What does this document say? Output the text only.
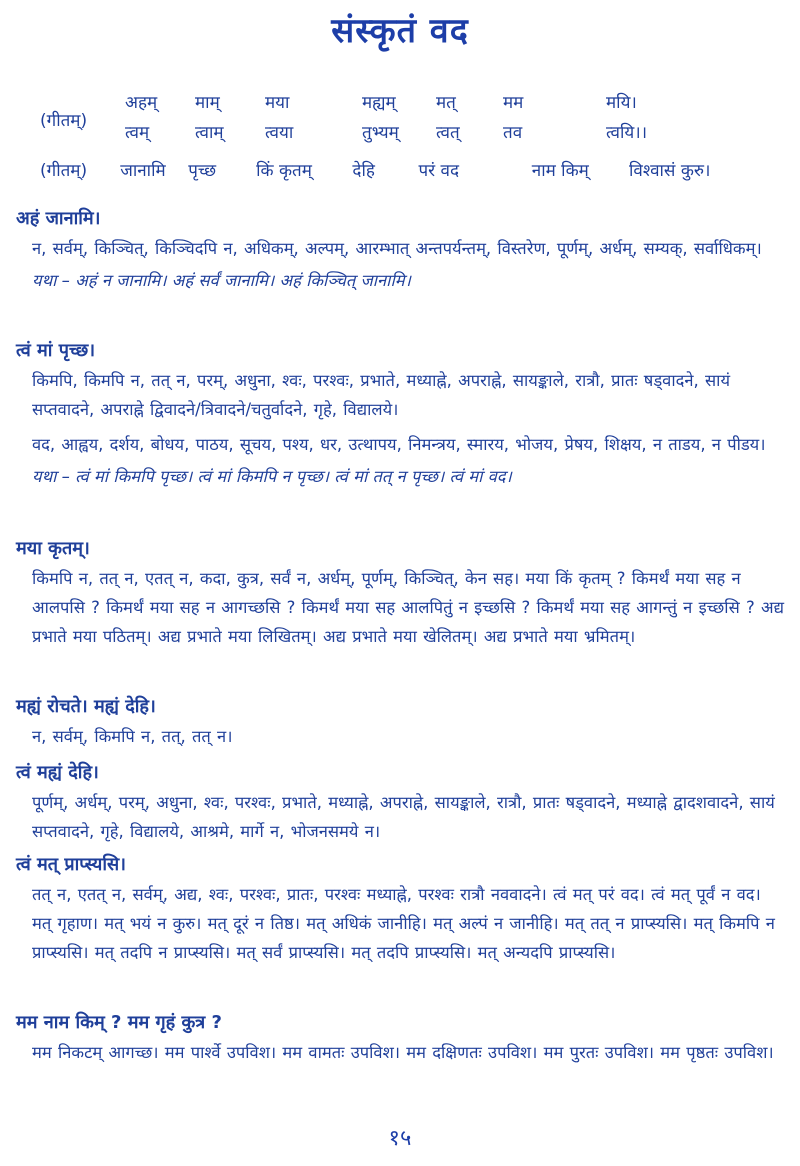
संस्कृतं वद
अहम्	माम्	मया	मह्यम्	मत्	मम	मयि।
(गीतम्)
त्वम्	त्वाम्	त्वया	तुभ्यम्	त्वत्	तव	त्वयि।।
(गीतम्)	जानामि	पृच्छ	किं कृतम्	देहि	परं वद	नाम किम्	विश्वासं कुरु।

अहं जानामि।

न, सर्वम्, किञ्चित्, किञ्चिदपि न, अधिकम्, अल्पम्, आरम्भात् अन्तपर्यन्तम्, विस्तरेण, पूर्णम्, अर्धम्, सम्यक्, सर्वाधिकम्।

यथा – अहं न जानामि। अहं सर्वं जानामि। अहं किञ्चित् जानामि।

त्वं मां पृच्छ।

किमपि, किमपि न, तत् न, परम्, अधुना, श्वः, परश्वः, प्रभाते, मध्याह्ने, अपराह्ने, सायङ्काले, रात्रौ, प्रातः षड्वादने, सायं सप्तवादने, अपराह्ने द्विवादने/त्रिवादने/चतुर्वादने, गृहे, विद्यालये।

वद, आह्वय, दर्शय, बोधय, पाठय, सूचय, पश्य, धर, उत्थापय, निमन्त्रय, स्मारय, भोजय, प्रेषय, शिक्षय, न ताडय, न पीडय।

यथा – त्वं मां किमपि पृच्छ। त्वं मां किमपि न पृच्छ। त्वं मां तत् न पृच्छ। त्वं मां वद।

मया कृतम्।

किमपि न, तत् न, एतत् न, कदा, कुत्र, सर्वं न, अर्धम्, पूर्णम्, किञ्चित्, केन सह। मया किं कृतम् ? किमर्थं मया सह न आलपसि ? किमर्थं मया सह न आगच्छसि ? किमर्थं मया सह आलपितुं न इच्छसि ? किमर्थं मया सह आगन्तुं न इच्छसि ? अद्य प्रभाते मया पठितम्। अद्य प्रभाते मया लिखितम्। अद्य प्रभाते मया खेलितम्। अद्य प्रभाते मया भ्रमितम्।

मह्यं रोचते। मह्यं देहि।

न, सर्वम्, किमपि न, तत्, तत् न।

त्वं मह्यं देहि।

पूर्णम्, अर्धम्, परम्, अधुना, श्वः, परश्वः, प्रभाते, मध्याह्ने, अपराह्ने, सायङ्काले, रात्रौ, प्रातः षड्वादने, मध्याह्ने द्वादशवादने, सायं सप्तवादने, गृहे, विद्यालये, आश्रमे, मार्गे न, भोजनसमये न।

त्वं मत् प्राप्स्यसि।

तत् न, एतत् न, सर्वम्, अद्य, श्वः, परश्वः, प्रातः, परश्वः मध्याह्ने, परश्वः रात्रौ नववादने। त्वं मत् परं वद। त्वं मत् पूर्वं न वद। मत् गृहाण। मत् भयं न कुरु। मत् दूरं न तिष्ठ। मत् अधिकं जानीहि। मत् अल्पं न जानीहि। मत् तत् न प्राप्स्यसि। मत् किमपि न प्राप्स्यसि। मत् तदपि न प्राप्स्यसि। मत् सर्वं प्राप्स्यसि। मत् तदपि प्राप्स्यसि। मत् अन्यदपि प्राप्स्यसि।

मम नाम किम् ? मम गृहं कुत्र ?

मम निकटम् आगच्छ। मम पार्श्वे उपविश। मम वामतः उपविश। मम दक्षिणतः उपविश। मम पुरतः उपविश। मम पृष्ठतः उपविश।

१५
